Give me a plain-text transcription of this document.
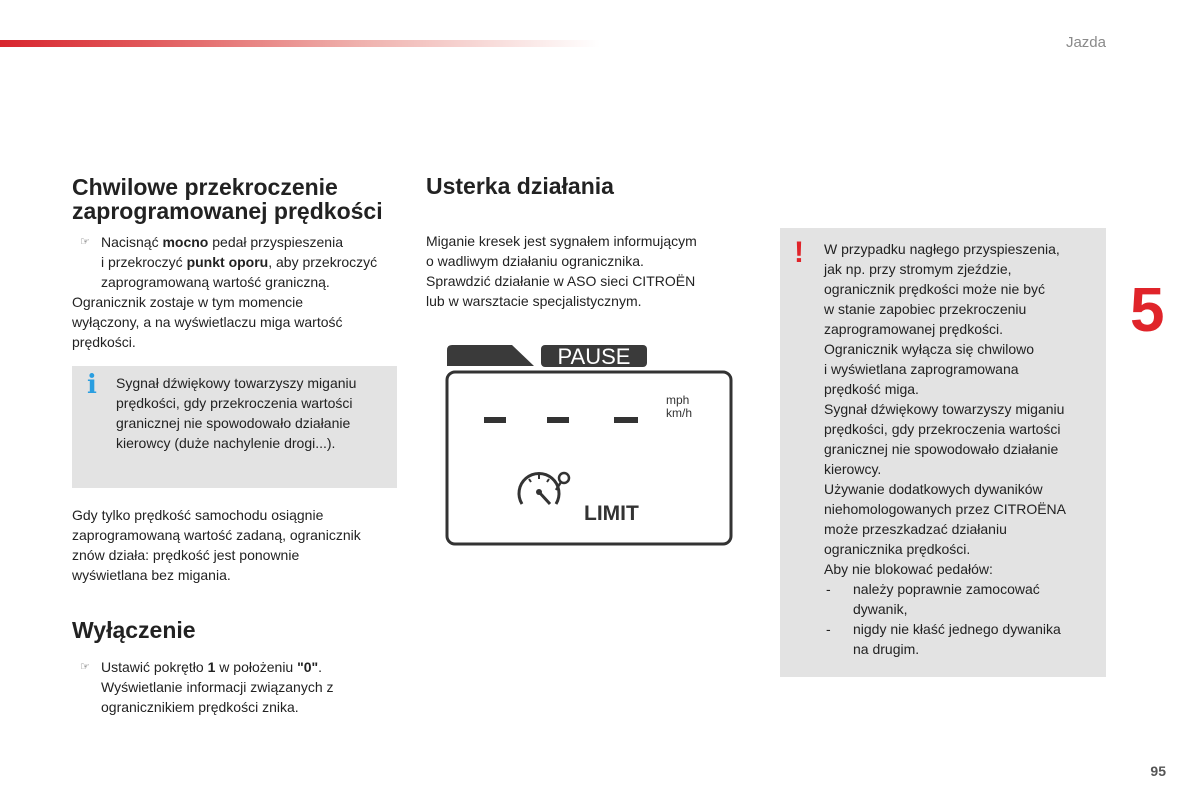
Jazda
5
95
Chwilowe przekroczenie
zaprogramowanej prędkości
☞ Nacisnąć mocno pedał przyspieszenia
i przekroczyć punkt oporu, aby przekroczyć
zaprogramowaną wartość graniczną.
Ogranicznik zostaje w tym momencie
wyłączony, a na wyświetlaczu miga wartość
prędkości.
i Sygnał dźwiękowy towarzyszy miganiu
prędkości, gdy przekroczenia wartości
granicznej nie spowodowało działanie
kierowcy (duże nachylenie drogi...).
Gdy tylko prędkość samochodu osiągnie
zaprogramowaną wartość zadaną, ogranicznik
znów działa: prędkość jest ponownie
wyświetlana bez migania.
Wyłączenie
☞ Ustawić pokrętło 1 w położeniu "0".
Wyświetlanie informacji związanych z
ogranicznikiem prędkości znika.
Usterka działania
Miganie kresek jest sygnałem informującym
o wadliwym działaniu ogranicznika.
Sprawdzić działanie w ASO sieci CITROËN
lub w warsztacie specjalistycznym.
PAUSE
mph
km/h
LIMIT
! W przypadku nagłego przyspieszenia,
jak np. przy stromym zjeździe,
ogranicznik prędkości może nie być
w stanie zapobiec przekroczeniu
zaprogramowanej prędkości.
Ogranicznik wyłącza się chwilowo
i wyświetlana zaprogramowana
prędkość miga.
Sygnał dźwiękowy towarzyszy miganiu
prędkości, gdy przekroczenia wartości
granicznej nie spowodowało działanie
kierowcy.
Używanie dodatkowych dywaników
niehomologowanych przez CITROËNA
może przeszkadzać działaniu
ogranicznika prędkości.
Aby nie blokować pedałów:
- należy poprawnie zamocować
dywanik,
- nigdy nie kłaść jednego dywanika
na drugim.
